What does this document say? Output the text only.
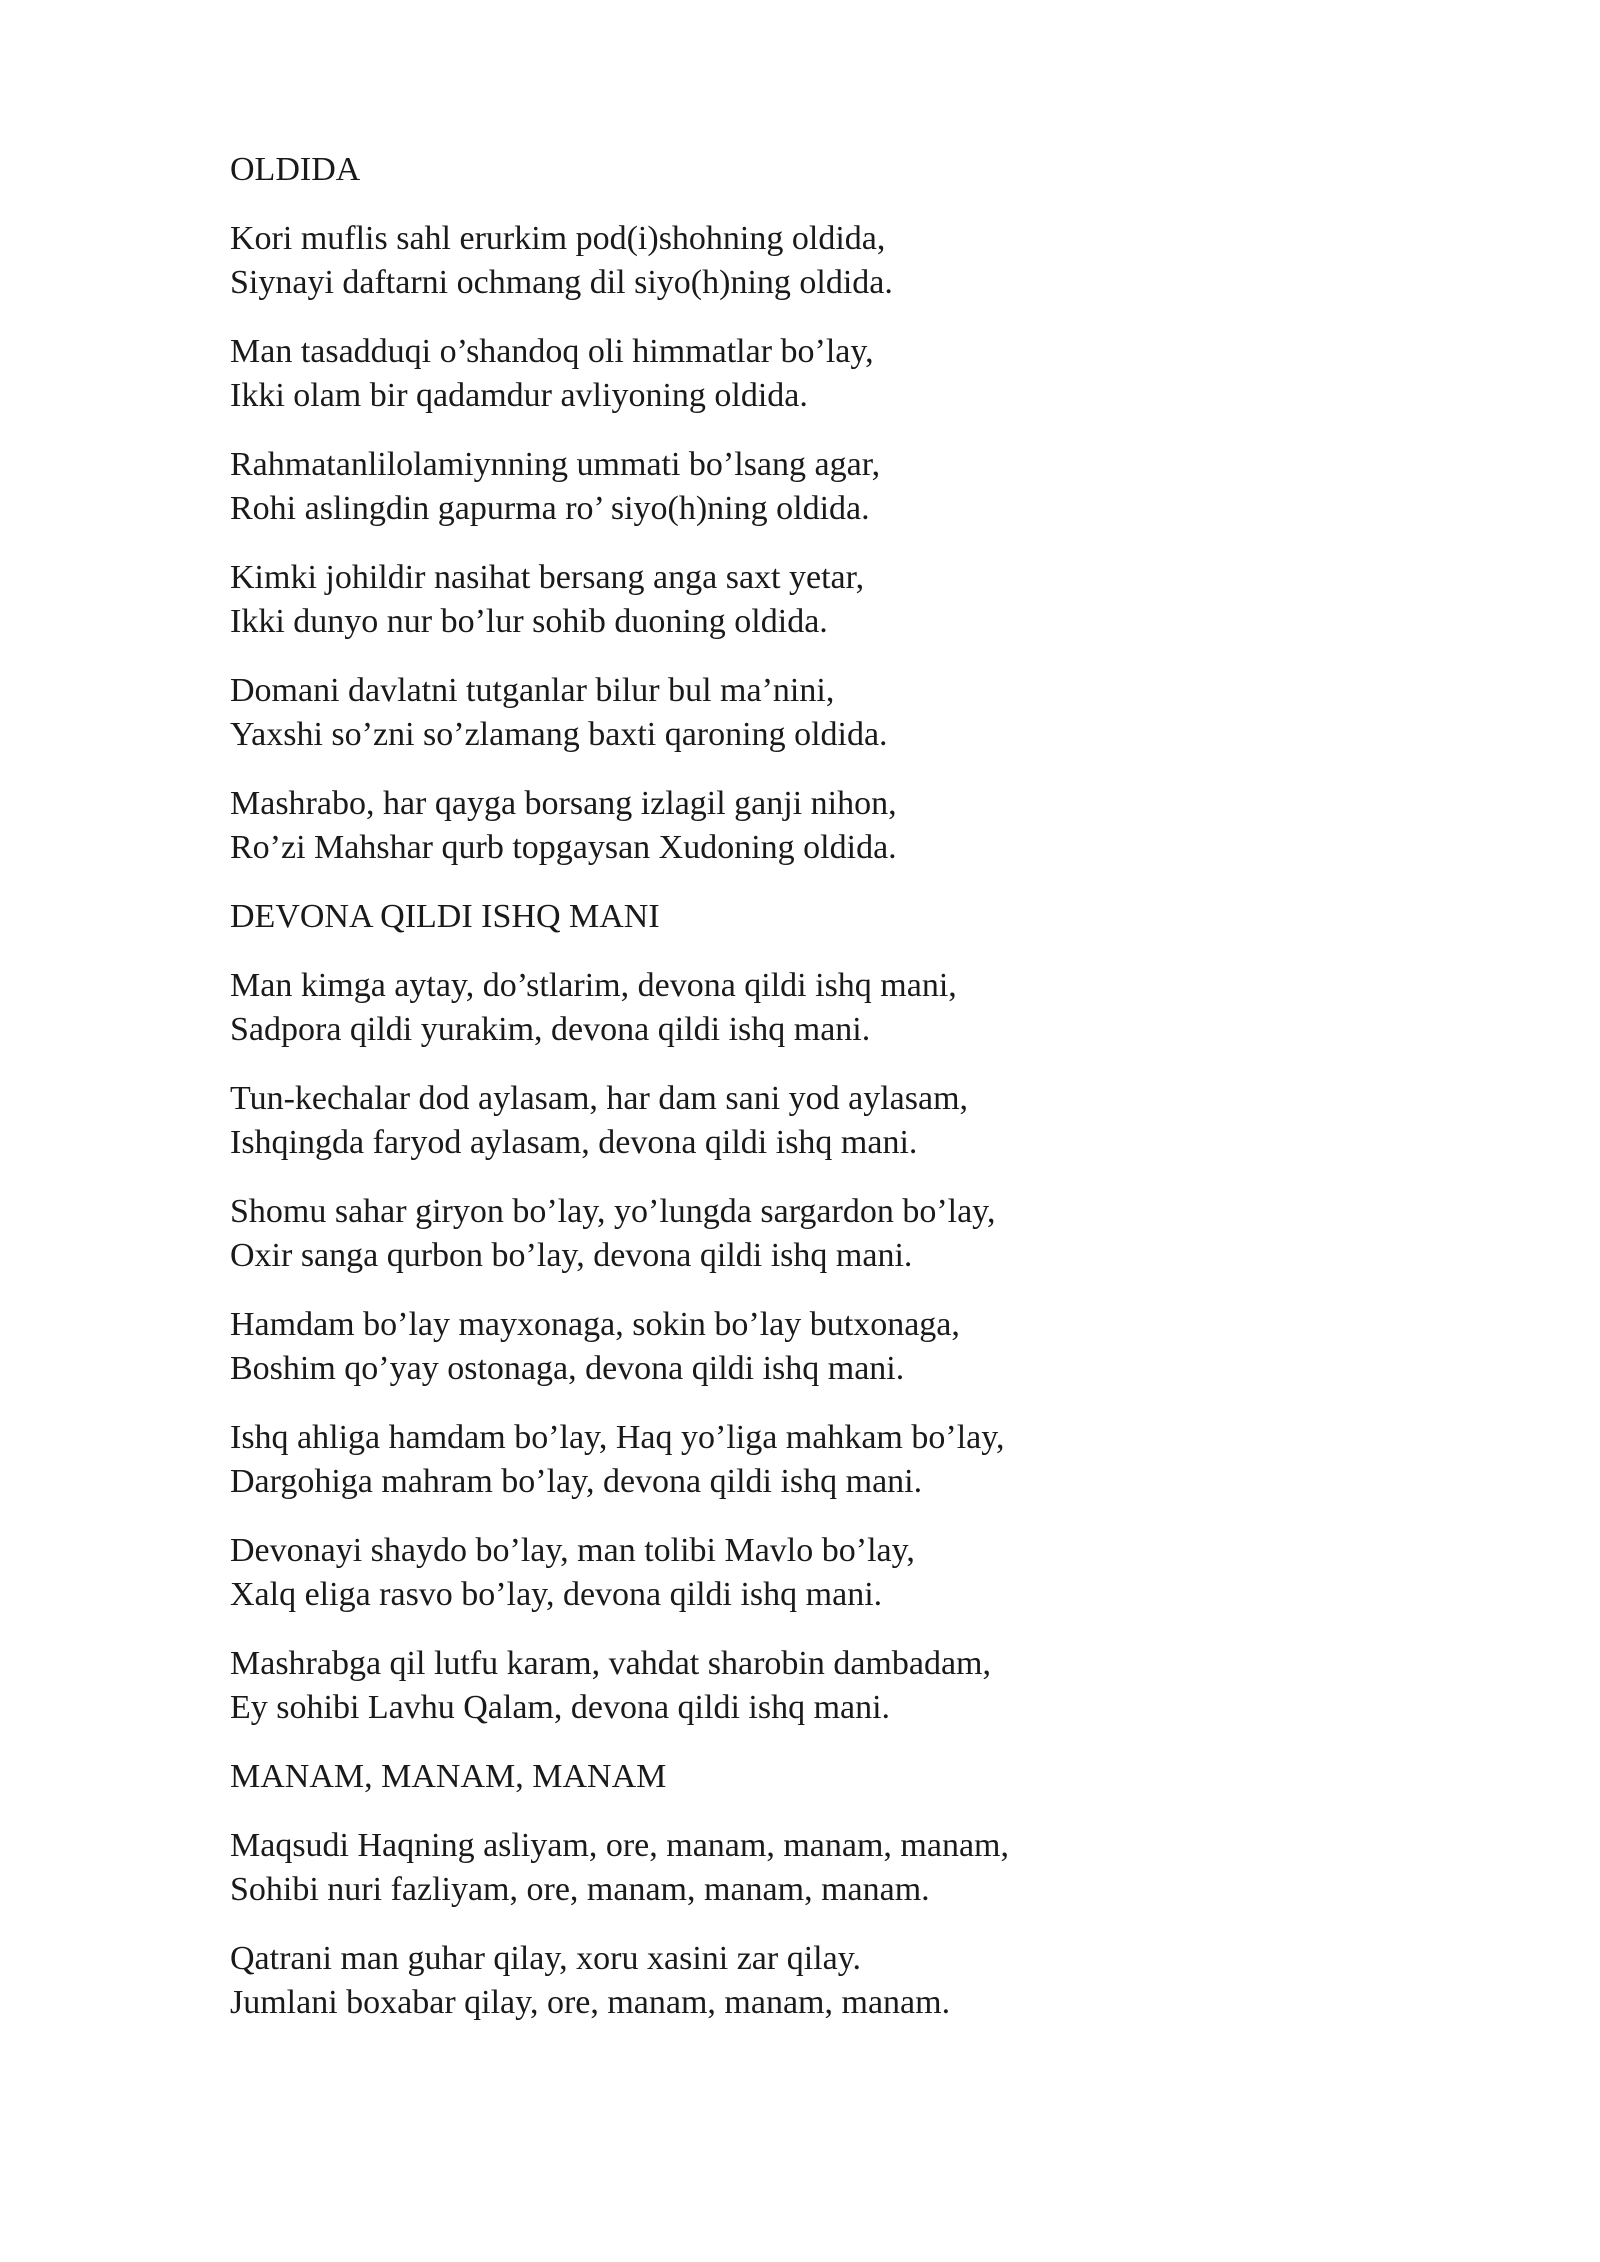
OLDIDA
Kori muflis sahl erurkim pod(i)shohning oldida,
Siynayi daftarni ochmang dil siyo(h)ning oldida.
Man tasadduqi o’shandoq oli himmatlar bo’lay,
Ikki olam bir qadamdur avliyoning oldida.
Rahmatanlilolamiynning ummati bo’lsang agar,
Rohi aslingdin gapurma ro’ siyo(h)ning oldida.
Kimki johildir nasihat bersang anga saxt yetar,
Ikki dunyo nur bo’lur sohib duoning oldida.
Domani davlatni tutganlar bilur bul ma’nini,
Yaxshi so’zni so’zlamang baxti qaroning oldida.
Mashrabo, har qayga borsang izlagil ganji nihon,
Ro’zi Mahshar qurb topgaysan Xudoning oldida.
DEVONA QILDI ISHQ MANI
Man kimga aytay, do’stlarim, devona qildi ishq mani,
Sadpora qildi yurakim, devona qildi ishq mani.
Tun-kechalar dod aylasam, har dam sani yod aylasam,
Ishqingda faryod aylasam, devona qildi ishq mani.
Shomu sahar giryon bo’lay, yo’lungda sargardon bo’lay,
Oxir sanga qurbon bo’lay, devona qildi ishq mani.
Hamdam bo’lay mayxonaga, sokin bo’lay butxonaga,
Boshim qo’yay ostonaga, devona qildi ishq mani.
Ishq ahliga hamdam bo’lay, Haq yo’liga mahkam bo’lay,
Dargohiga mahram bo’lay, devona qildi ishq mani.
Devonayi shaydo bo’lay, man tolibi Mavlo bo’lay,
Xalq eliga rasvo bo’lay, devona qildi ishq mani.
Mashrabga qil lutfu karam, vahdat sharobin dambadam,
Ey sohibi Lavhu Qalam, devona qildi ishq mani.
MANAM, MANAM, MANAM
Maqsudi Haqning asliyam, ore, manam, manam, manam,
Sohibi nuri fazliyam, ore, manam, manam, manam.
Qatrani man guhar qilay, xoru xasini zar qilay.
Jumlani boxabar qilay, ore, manam, manam, manam.
